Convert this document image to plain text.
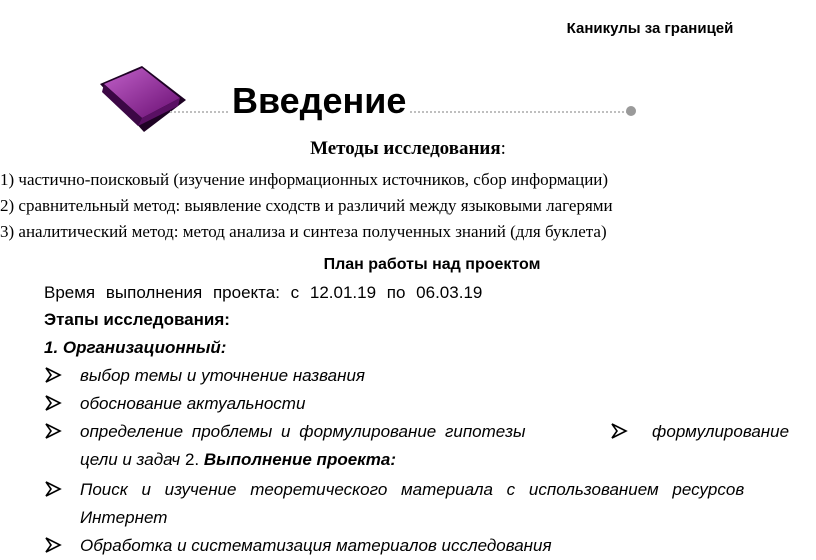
Каникулы за границей
Введение
Методы исследования:
1) частично-поисковый (изучение информационных источников, сбор информации)
2) сравнительный метод: выявление сходств и различий между языковыми лагерями
3) аналитический метод: метод анализа и синтеза полученных знаний (для буклета)
План работы над проектом
Время выполнения проекта: с 12.01.19 по 06.03.19
Этапы исследования:
1. Организационный:
выбор темы и уточнение названия
обоснование актуальности
определение проблемы и формулирование гипотезы	формулирование
цели и задач 2. Выполнение проекта:
Поиск и изучение теоретического материала с использованием ресурсов
Интернет
Обработка и систематизация материалов исследования
